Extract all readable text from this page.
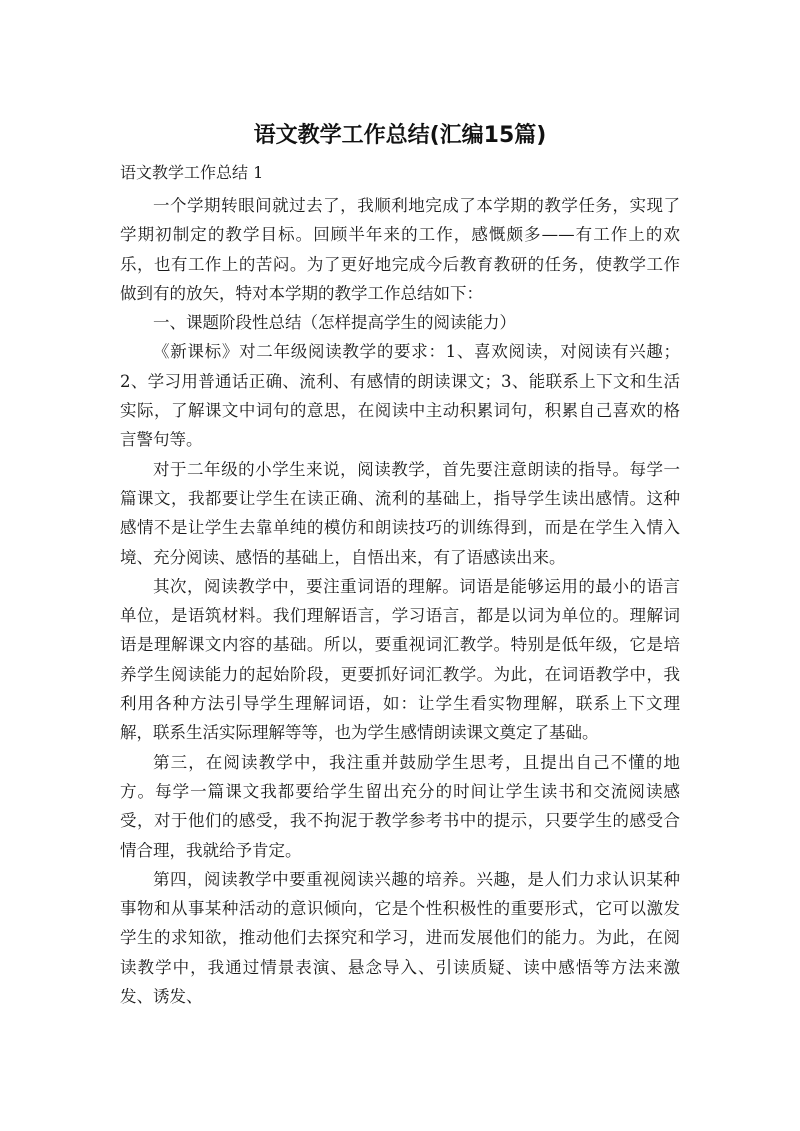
语文教学工作总结(汇编15篇)
语文教学工作总结 1

一个学期转眼间就过去了，我顺利地完成了本学期的教学任务，实现了学期初制定的教学目标。回顾半年来的工作，感慨颇多——有工作上的欢乐，也有工作上的苦闷。为了更好地完成今后教育教研的任务，使教学工作做到有的放矢，特对本学期的教学工作总结如下：

一、课题阶段性总结（怎样提高学生的阅读能力）

《新课标》对二年级阅读教学的要求：1、喜欢阅读，对阅读有兴趣；2、学习用普通话正确、流利、有感情的朗读课文；3、能联系上下文和生活实际，了解课文中词句的意思，在阅读中主动积累词句，积累自己喜欢的格言警句等。

对于二年级的小学生来说，阅读教学，首先要注意朗读的指导。每学一篇课文，我都要让学生在读正确、流利的基础上，指导学生读出感情。这种感情不是让学生去靠单纯的模仿和朗读技巧的训练得到，而是在学生入情入境、充分阅读、感悟的基础上，自悟出来，有了语感读出来。

其次，阅读教学中，要注重词语的理解。词语是能够运用的最小的语言单位，是语筑材料。我们理解语言，学习语言，都是以词为单位的。理解词语是理解课文内容的基础。所以，要重视词汇教学。特别是低年级，它是培养学生阅读能力的起始阶段，更要抓好词汇教学。为此，在词语教学中，我利用各种方法引导学生理解词语，如：让学生看实物理解，联系上下文理解，联系生活实际理解等等，也为学生感情朗读课文奠定了基础。

第三，在阅读教学中，我注重并鼓励学生思考，且提出自己不懂的地方。每学一篇课文我都要给学生留出充分的时间让学生读书和交流阅读感受，对于他们的感受，我不拘泥于教学参考书中的提示，只要学生的感受合情合理，我就给予肯定。

第四，阅读教学中要重视阅读兴趣的培养。兴趣，是人们力求认识某种事物和从事某种活动的意识倾向，它是个性积极性的重要形式，它可以激发学生的求知欲，推动他们去探究和学习，进而发展他们的能力。为此，在阅读教学中，我通过情景表演、悬念导入、引读质疑、读中感悟等方法来激发、诱发、
